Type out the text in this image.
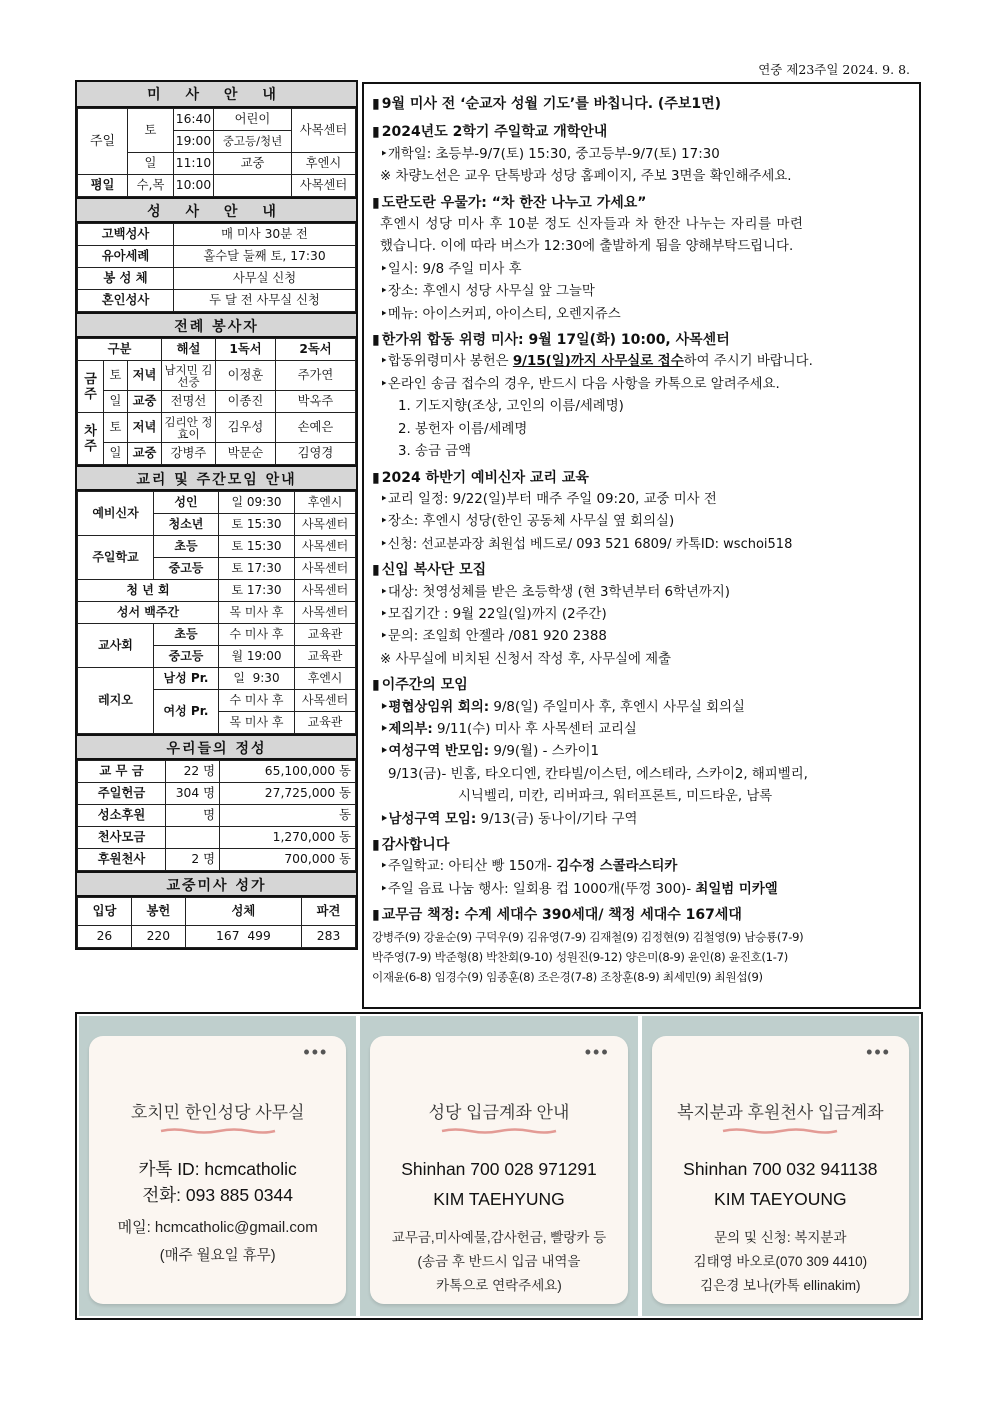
연중 제23주일 2024. 9. 8.
미 사 안 내
주일	토	16:40	어린이	사목센터
		19:00	중고등/청년	
	일	11:10	교중	후엔시
평일	수,목	10:00		사목센터
성 사 안 내
고백성사	매 미사 30분 전
유아세례	홀수달 둘째 토, 17:30
봉 성 체	사무실 신청
혼인성사	두 달 전 사무실 신청
전례 봉사자
구분			해설	1독서	2독서
금주	토	저녁	남지민 김선중	이정훈	주가연
	일	교중	전명선	이종진	박옥주
차주	토	저녁	김리안 정효이	김우성	손예은
	일	교중	강병주	박문순	김영경
교리 및 주간모임 안내
예비신자	성인	일 09:30	후엔시
	청소년	토 15:30	사목센터
주일학교	초등	토 15:30	사목센터
	중고등	토 17:30	사목센터
청 년 회		토 17:30	사목센터
성서 백주간		목 미사 후	사목센터
교사회	초등	수 미사 후	교육관
	중고등	월 19:00	교육관
레지오	남성 Pr.	일  9:30	후엔시
	여성 Pr.	수 미사 후	사목센터
		목 미사 후	교육관
우리들의 정성
교 무 금	22 명	65,100,000 동
주일헌금	304 명	27,725,000 동
성소후원	명	동
천사모금		1,270,000 동
후원천사	2 명	700,000 동
교중미사 성가
입당	봉헌	성체	파견
26	220	167  499	283
▮ 9월 미사 전 ‘순교자 성월 기도’를 바칩니다. (주보1면)
▮ 2024년도 2학기 주일학교 개학안내
‣개학일: 초등부-9/7(토) 15:30, 중고등부-9/7(토) 17:30
※ 차량노선은 교우 단톡방과 성당 홈페이지, 주보 3면을 확인해주세요.
▮ 도란도란 우물가: “차 한잔 나누고 가세요”
후엔시 성당 미사 후 10분 정도 신자들과 차 한잔 나누는 자리를 마련
했습니다. 이에 따라 버스가 12:30에 출발하게 됨을 양해부탁드립니다.
‣일시: 9/8 주일 미사 후
‣장소: 후엔시 성당 사무실 앞 그늘막
‣메뉴: 아이스커피, 아이스티, 오렌지쥬스
▮ 한가위 합동 위령 미사: 9월 17일(화) 10:00, 사목센터
‣합동위령미사 봉헌은 9/15(일)까지 사무실로 접수하여 주시기 바랍니다.
‣온라인 송금 접수의 경우, 반드시 다음 사항을 카톡으로 알려주세요.
1. 기도지향(조상, 고인의 이름/세례명)
2. 봉헌자 이름/세례명
3. 송금 금액
▮ 2024 하반기 예비신자 교리 교육
‣교리 일정: 9/22(일)부터 매주 주일 09:20, 교중 미사 전
‣장소: 후엔시 성당(한인 공동체 사무실 옆 회의실)
‣신청: 선교분과장 최원섭 베드로/ 093 521 6809/ 카톡ID: wschoi518
▮ 신입 복사단 모집
‣대상: 첫영성체를 받은 초등학생 (현 3학년부터 6학년까지)
‣모집기간 : 9월 22일(일)까지 (2주간)
‣문의: 조일희 안젤라 /081 920 2388
※ 사무실에 비치된 신청서 작성 후, 사무실에 제출
▮ 이주간의 모임
‣평협상임위 회의: 9/8(일) 주일미사 후, 후엔시 사무실 회의실
‣제의부: 9/11(수) 미사 후 사목센터 교리실
‣여성구역 반모임: 9/9(월) - 스카이1
9/13(금)- 빈홈, 타오디엔, 칸타빌/이스턴, 에스테라, 스카이2, 해피벨리,
시닉벨리, 미칸, 리버파크, 워터프론트, 미드타운, 남록
‣남성구역 모임: 9/13(금) 동나이/기타 구역
▮ 감사합니다
‣주일학교: 아티산 빵 150개- 김수정 스콜라스티카
‣주일 음료 나눔 행사: 일회용 컵 1000개(뚜껑 300)- 최일범 미카엘
▮ 교무금 책정: 수계 세대수 390세대/ 책정 세대수 167세대
강병주(9) 강윤순(9) 구덕우(9) 김유영(7-9) 김재철(9) 김정현(9) 김철영(9) 남승룡(7-9)
박주영(7-9) 박준형(8) 박찬회(9-10) 성원진(9-12) 양은미(8-9) 윤인(8) 윤진호(1-7)
이재윤(6-8) 임경수(9) 임종훈(8) 조은경(7-8) 조창훈(8-9) 최세민(9) 최원섭(9)
•••
호치민 한인성당 사무실
카톡 ID: hcmcatholic
전화: 093 885 0344
메일: hcmcatholic@gmail.com
(매주 월요일 휴무)
•••
성당 입금계좌 안내
Shinhan 700 028 971291
KIM TAEHYUNG
교무금,미사예물,감사헌금, 빨랑카 등
(송금 후 반드시 입금 내역을
카톡으로 연락주세요)
•••
복지분과 후원천사 입금계좌
Shinhan 700 032 941138
KIM TAEYOUNG
문의 및 신청: 복지분과
김태영 바오로(070 309 4410)
김은경 보나(카톡 ellinakim)
